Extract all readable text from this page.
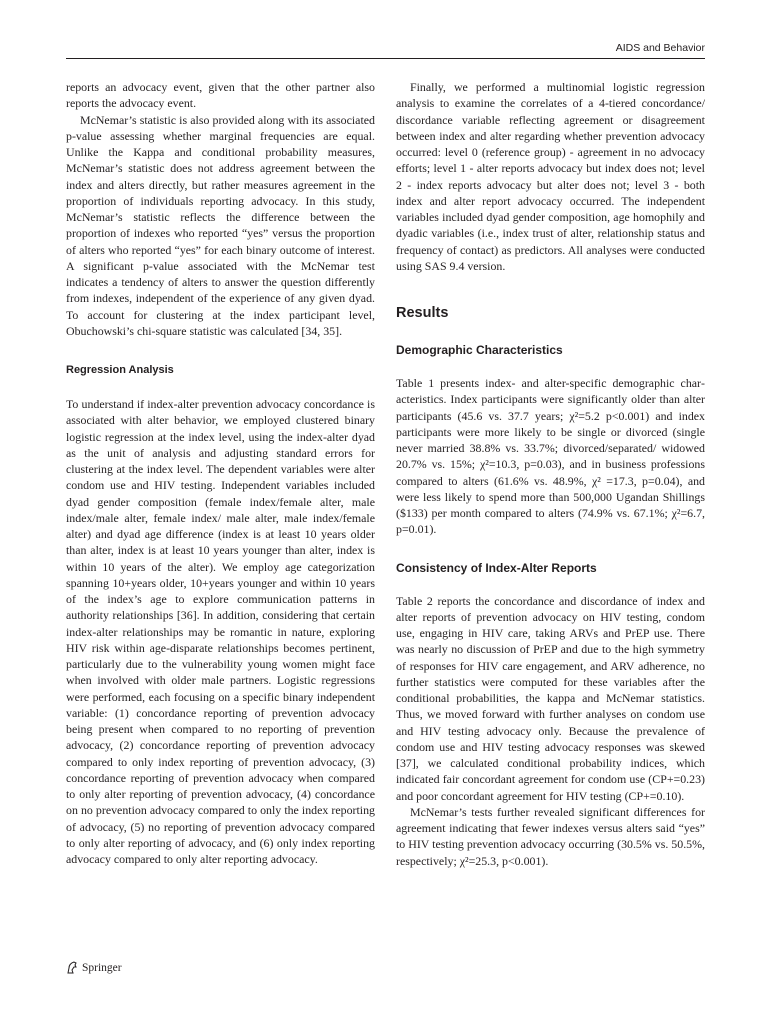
AIDS and Behavior

reports an advocacy event, given that the other partner also reports the advocacy event.

McNemar’s statistic is also provided along with its associated p-value assessing whether marginal frequencies are equal. Unlike the Kappa and conditional probability measures, McNemar’s statistic does not address agreement between the index and alters directly, but rather measures agreement in the proportion of individuals reporting advocacy. In this study, McNemar’s statistic reflects the difference between the proportion of indexes who reported “yes” versus the proportion of alters who reported “yes” for each binary outcome of interest. A significant p-value associated with the McNemar test indicates a tendency of alters to answer the question differently from indexes, independent of the experience of any given dyad. To account for clustering at the index participant level, Obuchowski’s chi-square statistic was calculated [34, 35].

Regression Analysis

To understand if index-alter prevention advocacy concordance is associated with alter behavior, we employed clustered binary logistic regression at the index level, using the index-alter dyad as the unit of analysis and adjusting standard errors for clustering at the index level. The dependent variables were alter condom use and HIV testing. Independent variables included dyad gender composition (female index/female alter, male index/male alter, female index/ male alter, male index/female alter) and dyad age difference (index is at least 10 years older than alter, index is at least 10 years younger than alter, index is within 10 years of the alter). We employ age categorization spanning 10+years older, 10+years younger and within 10 years of the index’s age to explore communication patterns in authority relationships [36]. In addition, considering that certain index-alter relationships may be romantic in nature, exploring HIV risk within age-disparate relationships becomes pertinent, particularly due to the vulnerability young women might face when involved with older male partners. Logistic regressions were performed, each focusing on a specific binary independent variable: (1) concordance reporting of prevention advocacy being present when compared to no reporting of prevention advocacy, (2) concordance reporting of prevention advocacy compared to only index reporting of prevention advocacy, (3) concordance reporting of prevention advocacy when compared to only alter reporting of prevention advocacy, (4) concordance on no prevention advocacy compared to only the index reporting of advocacy, (5) no reporting of prevention advocacy compared to only alter reporting of advocacy, and (6) only index reporting advocacy compared to only alter reporting advocacy.

Finally, we performed a multinomial logistic regression analysis to examine the correlates of a 4-tiered concordance/ discordance variable reflecting agreement or disagreement between index and alter regarding whether prevention advocacy occurred: level 0 (reference group) - agreement in no advocacy efforts; level 1 - alter reports advocacy but index does not; level 2 - index reports advocacy but alter does not; level 3 - both index and alter report advocacy occurred. The independent variables included dyad gender composition, age homophily and dyadic variables (i.e., index trust of alter, relationship status and frequency of contact) as predictors. All analyses were conducted using SAS 9.4 version.

Results
Demographic Characteristics

Table 1 presents index- and alter-specific demographic characteristics. Index participants were significantly older than alter participants (45.6 vs. 37.7 years; χ²=5.2 p<0.001) and index participants were more likely to be single or divorced (single never married 38.8% vs. 33.7%; divorced/separated/ widowed 20.7% vs. 15%; χ²=10.3, p=0.03), and in business professions compared to alters (61.6% vs. 48.9%, χ² =17.3, p=0.04), and were less likely to spend more than 500,000 Ugandan Shillings ($133) per month compared to alters (74.9% vs. 67.1%; χ²=6.7, p=0.01).

Consistency of Index-Alter Reports

Table 2 reports the concordance and discordance of index and alter reports of prevention advocacy on HIV testing, condom use, engaging in HIV care, taking ARVs and PrEP use. There was nearly no discussion of PrEP and due to the high symmetry of responses for HIV care engagement, and ARV adherence, no further statistics were computed for these variables after the conditional probabilities, the kappa and McNemar statistics. Thus, we moved forward with further analyses on condom use and HIV testing advocacy only. Because the prevalence of condom use and HIV testing advocacy responses was skewed [37], we calculated conditional probability indices, which indicated fair concordant agreement for condom use (CP+=0.23) and poor concordant agreement for HIV testing (CP+=0.10).

McNemar’s tests further revealed significant differences for agreement indicating that fewer indexes versus alters said “yes” to HIV testing prevention advocacy occurring (30.5% vs. 50.5%, respectively; χ²=25.3, p<0.001).

Springer
